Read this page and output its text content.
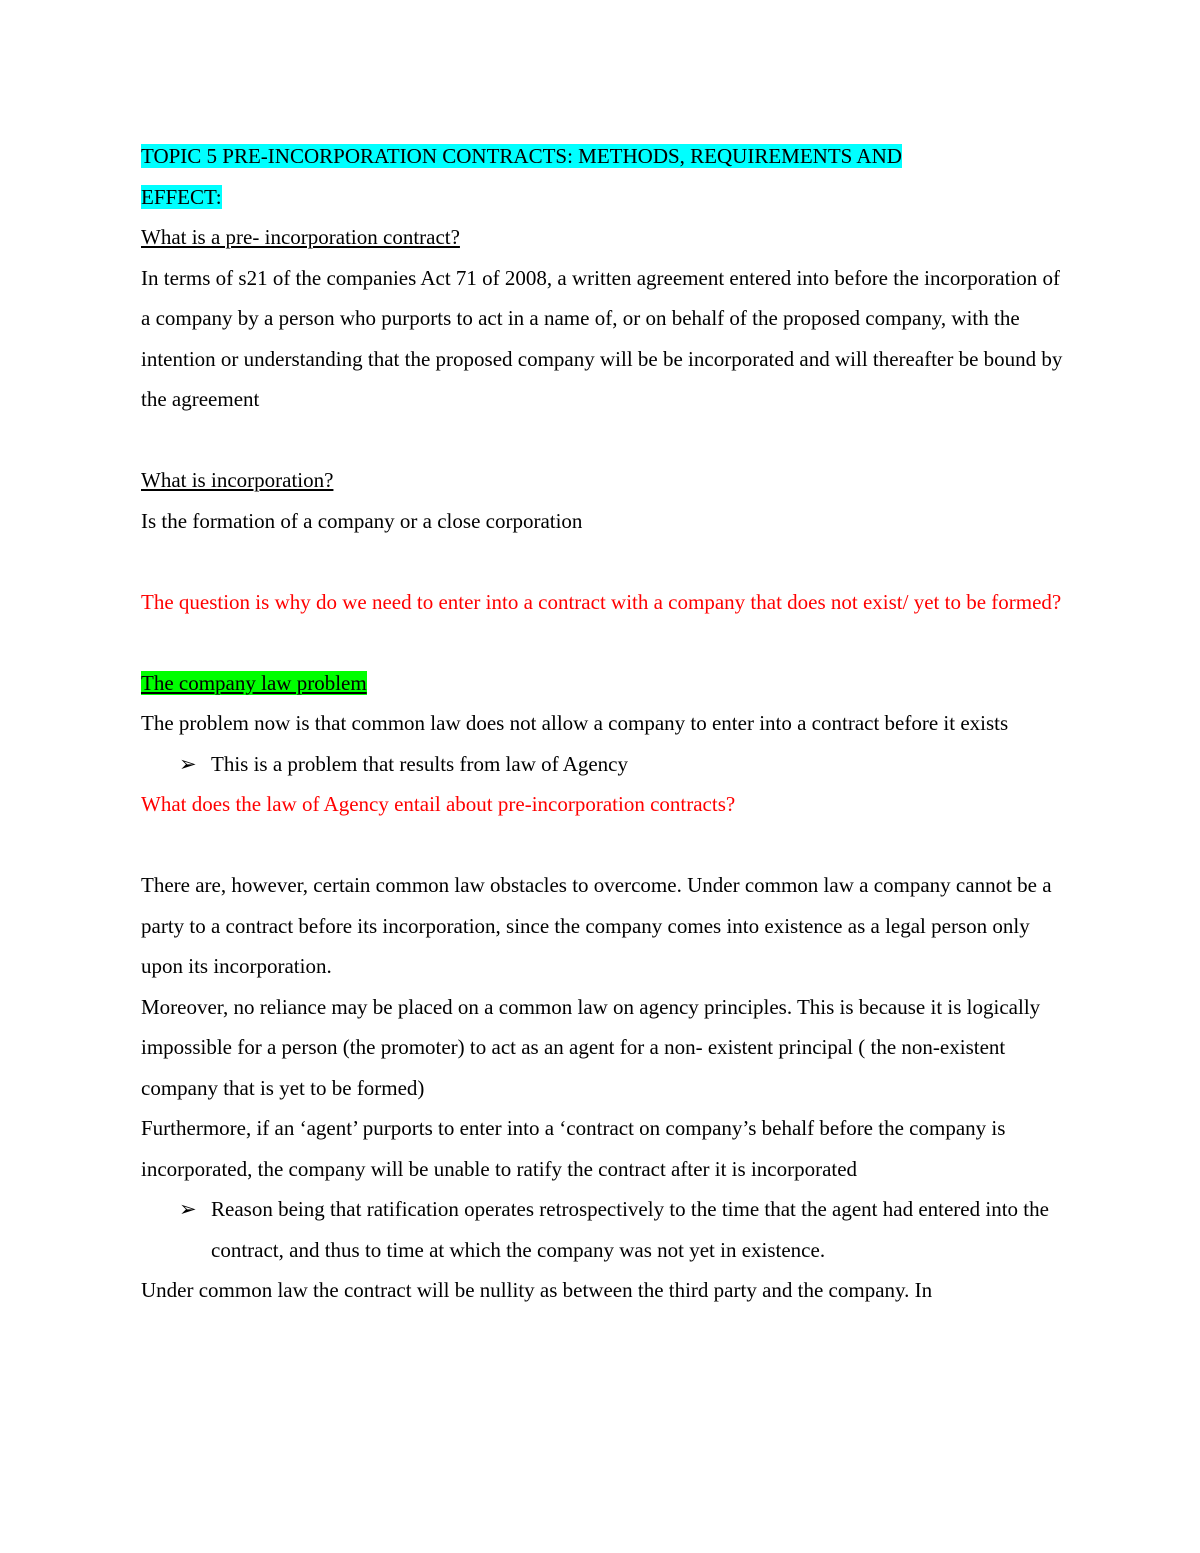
TOPIC 5 PRE-INCORPORATION CONTRACTS: METHODS, REQUIREMENTS AND
EFFECT:

What is a pre- incorporation contract?

In terms of s21 of the companies Act 71 of 2008, a written agreement entered into before the incorporation of a company by a person who purports to act in a name of, or on behalf of the proposed company, with the intention or understanding that the proposed company will be be incorporated and will thereafter be bound by the agreement

What is incorporation?

Is the formation of a company or a close corporation

The question is why do we need to enter into a contract with a company that does not exist/ yet to be formed?

The company law problem

The problem now is that common law does not allow a company to enter into a contract before it exists

➢ This is a problem that results from law of Agency

What does the law of Agency entail about pre-incorporation contracts?

There are, however, certain common law obstacles to overcome. Under common law a company cannot be a party to a contract before its incorporation, since the company comes into existence as a legal person only upon its incorporation.

Moreover, no reliance may be placed on a common law on agency principles. This is because it is logically impossible for a person (the promoter) to act as an agent for a non- existent principal ( the non-existent company that is yet to be formed)

Furthermore, if an ‘agent’ purports to enter into a ‘contract on company’s behalf before the company is incorporated, the company will be unable to ratify the contract after it is incorporated

➢ Reason being that ratification operates retrospectively to the time that the agent had entered into the contract, and thus to time at which the company was not yet in existence.

Under common law the contract will be nullity as between the third party and the company. In
